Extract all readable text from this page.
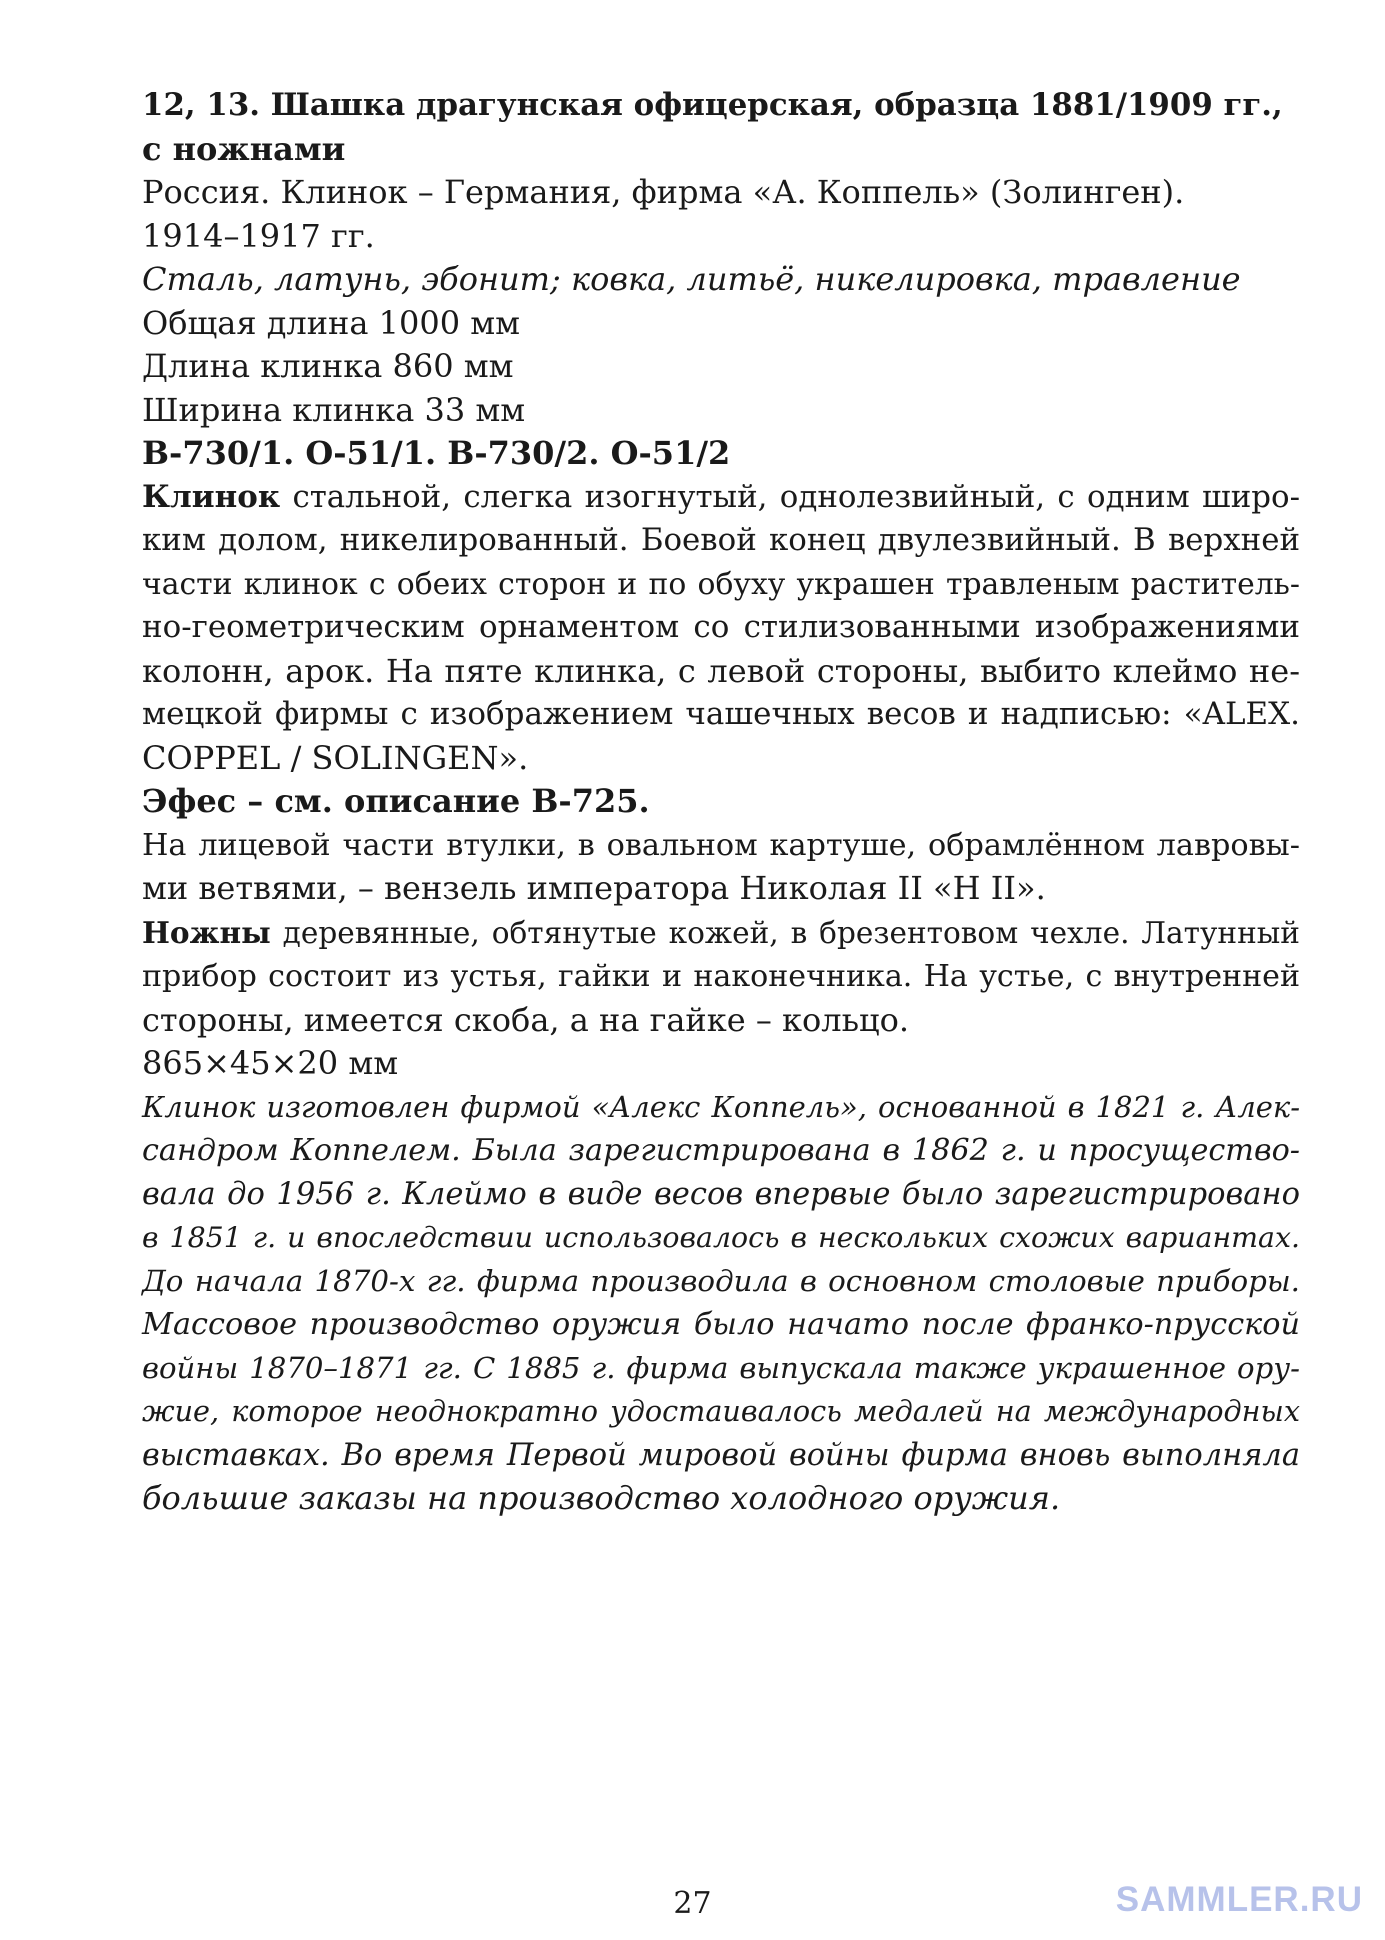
12, 13. Шашка драгунская офицерская, образца 1881/1909 гг.,
с ножнами
Россия. Клинок – Германия, фирма «А. Коппель» (Золинген).
1914–1917 гг.
Сталь, латунь, эбонит; ковка, литьё, никелировка, травление
Общая длина 1000 мм
Длина клинка 860 мм
Ширина клинка 33 мм
В-730/1. О-51/1. В-730/2. О-51/2
Клинок стальной, слегка изогнутый, однолезвийный, с одним широ-
ким долом, никелированный. Боевой конец двулезвийный. В верхней
части клинок с обеих сторон и по обуху украшен травленым раститель-
но-геометрическим орнаментом со стилизованными изображениями
колонн, арок. На пяте клинка, с левой стороны, выбито клеймо не-
мецкой фирмы с изображением чашечных весов и надписью: «ALEX.
COPPEL / SOLINGEN».
Эфес – см. описание В-725.
На лицевой части втулки, в овальном картуше, обрамлённом лавровы-
ми ветвями, – вензель императора Николая II «Н II».
Ножны деревянные, обтянутые кожей, в брезентовом чехле. Латунный
прибор состоит из устья, гайки и наконечника. На устье, с внутренней
стороны, имеется скоба, а на гайке – кольцо.
865×45×20 мм
Клинок изготовлен фирмой «Алекс Коппель», основанной в 1821 г. Алек-
сандром Коппелем. Была зарегистрирована в 1862 г. и просущество-
вала до 1956 г. Клеймо в виде весов впервые было зарегистрировано
в 1851 г. и впоследствии использовалось в нескольких схожих вариантах.
До начала 1870-х гг. фирма производила в основном столовые приборы.
Массовое производство оружия было начато после франко-прусской
войны 1870–1871 гг. С 1885 г. фирма выпускала также украшенное ору-
жие, которое неоднократно удостаивалось медалей на международных
выставках. Во время Первой мировой войны фирма вновь выполняла
большие заказы на производство холодного оружия.
27	SAMMLER.RU
